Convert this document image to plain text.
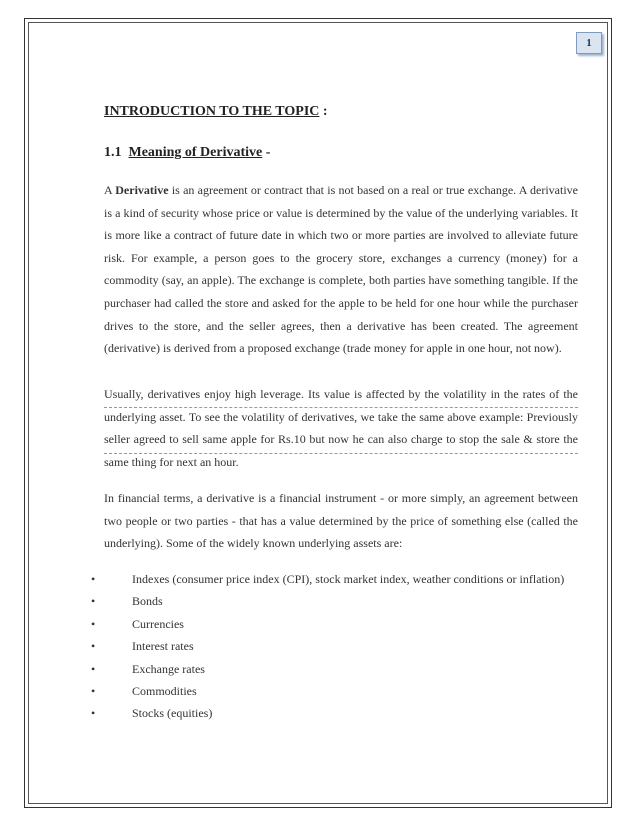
1
INTRODUCTION TO THE TOPIC :
1.1 Meaning of Derivative -
A Derivative is an agreement or contract that is not based on a real or true exchange. A derivative is a kind of security whose price or value is determined by the value of the underlying variables. It is more like a contract of future date in which two or more parties are involved to alleviate future risk. For example, a person goes to the grocery store, exchanges a currency (money) for a commodity (say, an apple). The exchange is complete, both parties have something tangible. If the purchaser had called the store and asked for the apple to be held for one hour while the purchaser drives to the store, and the seller agrees, then a derivative has been created. The agreement (derivative) is derived from a proposed exchange (trade money for apple in one hour, not now).
Usually, derivatives enjoy high leverage. Its value is affected by the volatility in the rates of the underlying asset. To see the volatility of derivatives, we take the same above example: Previously seller agreed to sell same apple for Rs.10 but now he can also charge to stop the sale & store the same thing for next an hour.
In financial terms, a derivative is a financial instrument - or more simply, an agreement between two people or two parties - that has a value determined by the price of something else (called the underlying). Some of the widely known underlying assets are:
•	Indexes (consumer price index (CPI), stock market index, weather conditions or inflation)
•	Bonds
•	Currencies
•	Interest rates
•	Exchange rates
•	Commodities
•	Stocks (equities)
